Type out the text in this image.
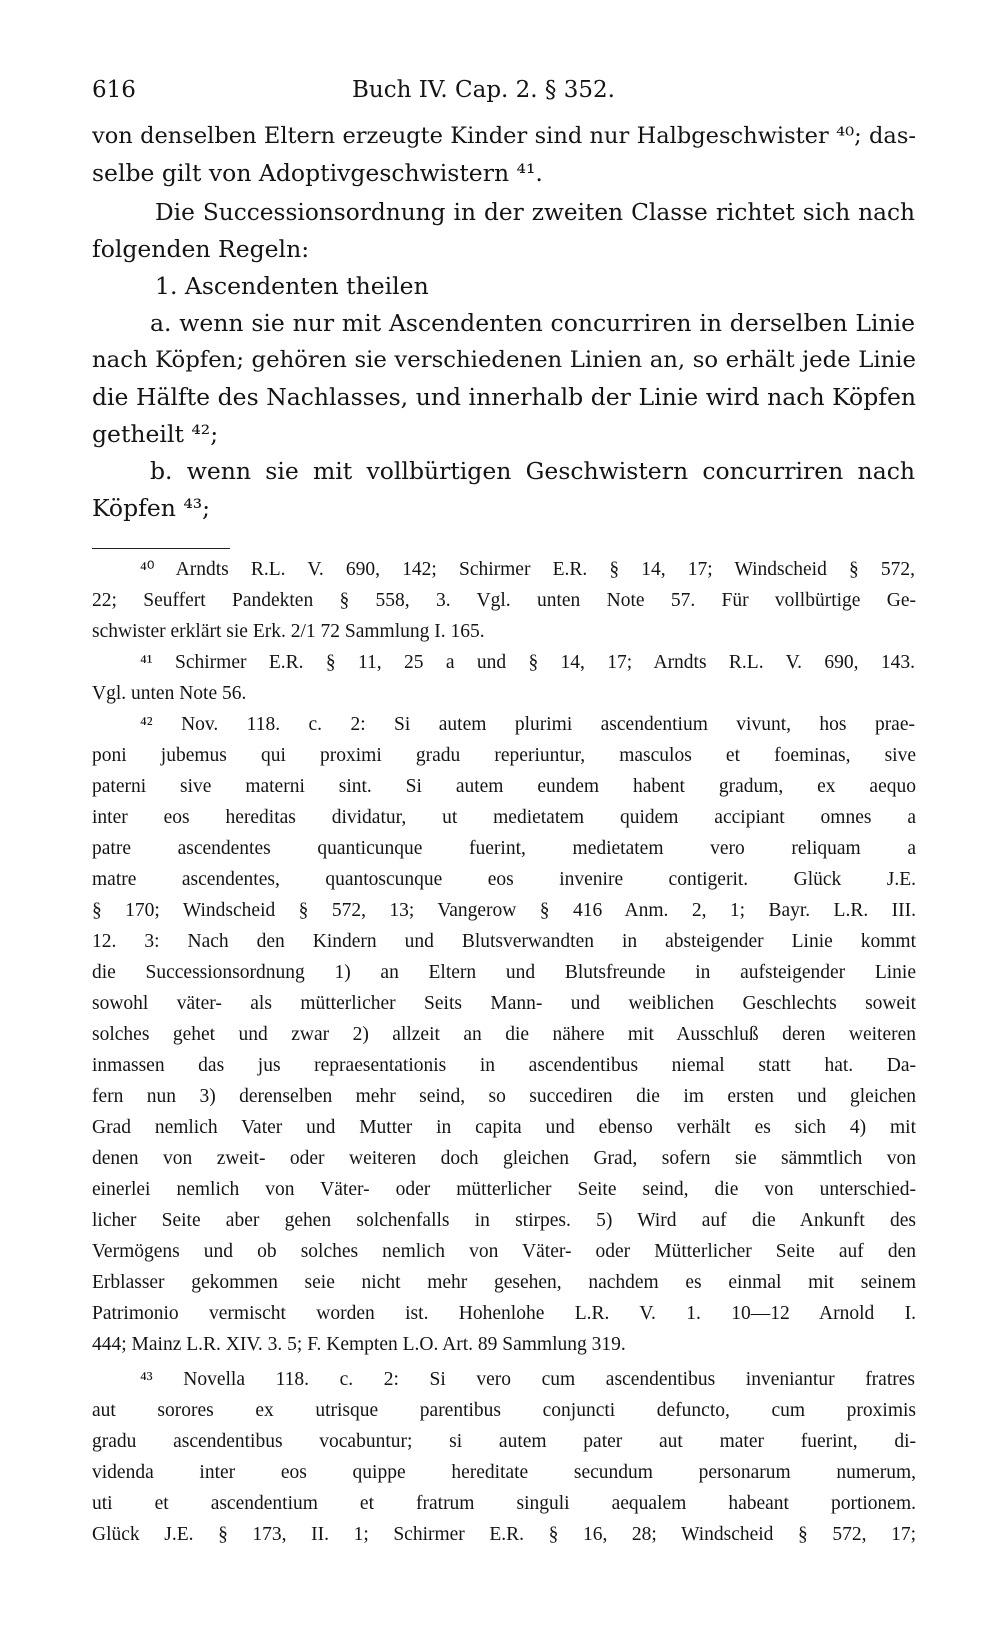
616	Buch IV. Cap. 2. § 352.
von denselben Eltern erzeugte Kinder sind nur Halbgeschwister ⁴⁰; das-
selbe gilt von Adoptivgeschwistern ⁴¹.
Die Successionsordnung in der zweiten Classe richtet sich nach
folgenden Regeln:
1. Ascendenten theilen
a. wenn sie nur mit Ascendenten concurriren in derselben Linie
nach Köpfen; gehören sie verschiedenen Linien an, so erhält jede Linie
die Hälfte des Nachlasses, und innerhalb der Linie wird nach Köpfen
getheilt ⁴²;
b. wenn sie mit vollbürtigen Geschwistern concurriren nach
Köpfen ⁴³;
⁴⁰ Arndts R.L. V. 690, 142; Schirmer E.R. § 14, 17; Windscheid § 572,
22; Seuffert Pandekten § 558, 3. Vgl. unten Note 57. Für vollbürtige Ge-
schwister erklärt sie Erk. 2/1 72 Sammlung I. 165.
⁴¹ Schirmer E.R. § 11, 25 a und § 14, 17; Arndts R.L. V. 690, 143.
Vgl. unten Note 56.
⁴² Nov. 118. c. 2: Si autem plurimi ascendentium vivunt, hos prae-
poni jubemus qui proximi gradu reperiuntur, masculos et foeminas, sive
paterni sive materni sint. Si autem eundem habent gradum, ex aequo
inter eos hereditas dividatur, ut medietatem quidem accipiant omnes a
patre ascendentes quanticunque fuerint, medietatem vero reliquam a
matre ascendentes, quantoscunque eos invenire contigerit. Glück J.E.
§ 170; Windscheid § 572, 13; Vangerow § 416 Anm. 2, 1; Bayr. L.R. III.
12. 3: Nach den Kindern und Blutsverwandten in absteigender Linie kommt
die Successionsordnung 1) an Eltern und Blutsfreunde in aufsteigender Linie
sowohl väter- als mütterlicher Seits Mann- und weiblichen Geschlechts soweit
solches gehet und zwar 2) allzeit an die nähere mit Ausschluß deren weiteren
inmassen das jus repraesentationis in ascendentibus niemal statt hat. Da-
fern nun 3) derenselben mehr seind, so succediren die im ersten und gleichen
Grad nemlich Vater und Mutter in capita und ebenso verhält es sich 4) mit
denen von zweit- oder weiteren doch gleichen Grad, sofern sie sämmtlich von
einerlei nemlich von Väter- oder mütterlicher Seite seind, die von unterschied-
licher Seite aber gehen solchenfalls in stirpes. 5) Wird auf die Ankunft des
Vermögens und ob solches nemlich von Väter- oder Mütterlicher Seite auf den
Erblasser gekommen seie nicht mehr gesehen, nachdem es einmal mit seinem
Patrimonio vermischt worden ist. Hohenlohe L.R. V. 1. 10—12 Arnold I.
444; Mainz L.R. XIV. 3. 5; F. Kempten L.O. Art. 89 Sammlung 319.
⁴³ Novella 118. c. 2: Si vero cum ascendentibus inveniantur fratres
aut sorores ex utrisque parentibus conjuncti defuncto, cum proximis
gradu ascendentibus vocabuntur; si autem pater aut mater fuerint, di-
videnda inter eos quippe hereditate secundum personarum numerum,
uti et ascendentium et fratrum singuli aequalem habeant portionem.
Glück J.E. § 173, II. 1; Schirmer E.R. § 16, 28; Windscheid § 572, 17;
